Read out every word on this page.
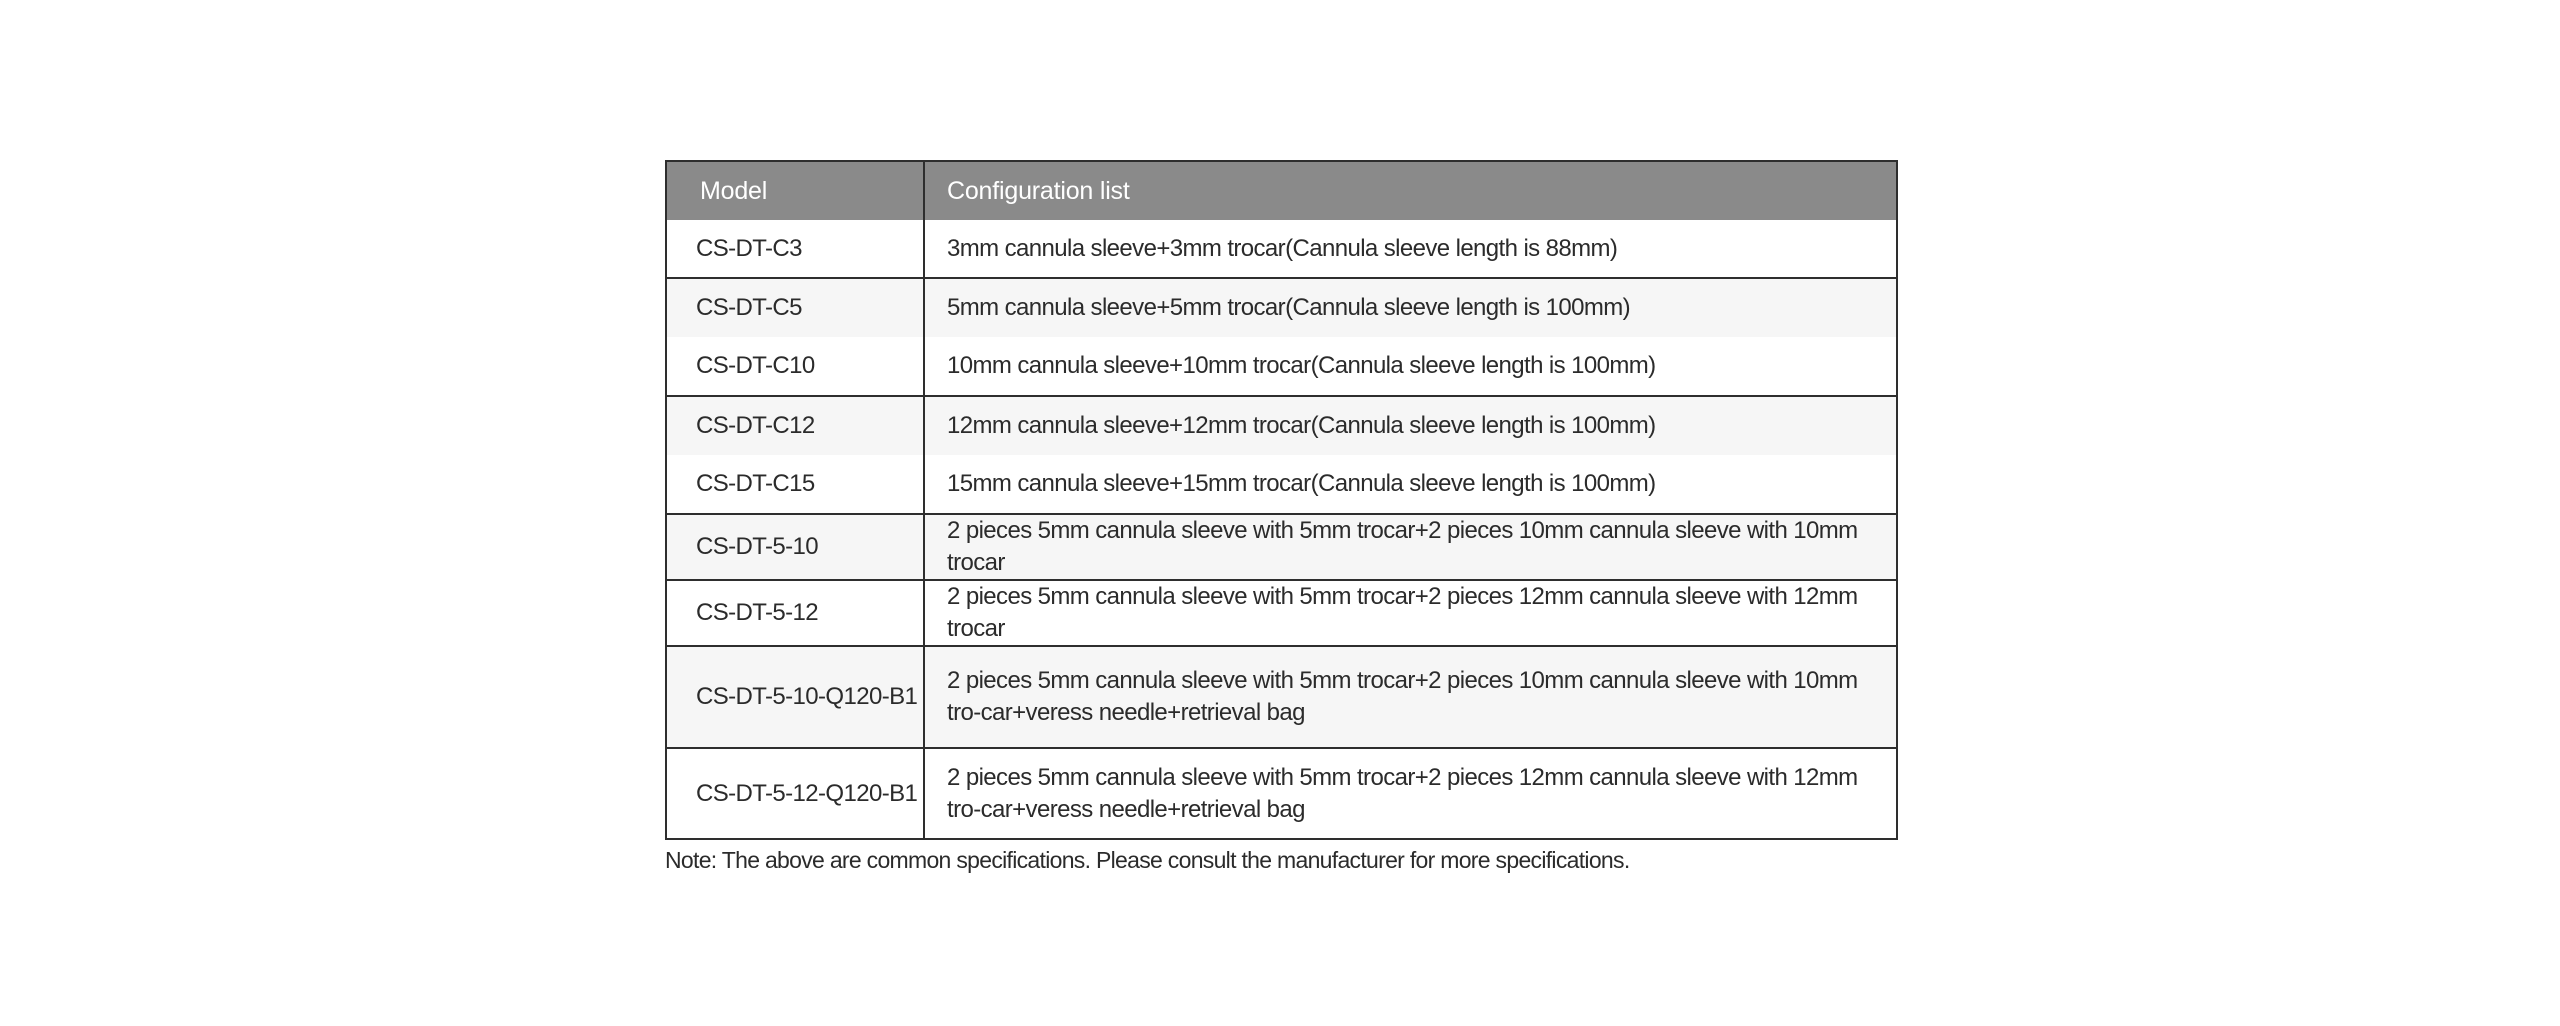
Model	Configuration list
CS-DT-C3	3mm cannula sleeve+3mm trocar(Cannula sleeve length is 88mm)
CS-DT-C5	5mm cannula sleeve+5mm trocar(Cannula sleeve length is 100mm)
CS-DT-C10	10mm cannula sleeve+10mm trocar(Cannula sleeve length is 100mm)
CS-DT-C12	12mm cannula sleeve+12mm trocar(Cannula sleeve length is 100mm)
CS-DT-C15	15mm cannula sleeve+15mm trocar(Cannula sleeve length is 100mm)
CS-DT-5-10	2 pieces 5mm cannula sleeve with 5mm trocar+2 pieces 10mm cannula sleeve with 10mm trocar
CS-DT-5-12	2 pieces 5mm cannula sleeve with 5mm trocar+2 pieces 12mm cannula sleeve with 12mm trocar
CS-DT-5-10-Q120-B1	2 pieces 5mm cannula sleeve with 5mm trocar+2 pieces 10mm cannula sleeve with 10mm tro-car+veress needle+retrieval bag
CS-DT-5-12-Q120-B1	2 pieces 5mm cannula sleeve with 5mm trocar+2 pieces 12mm cannula sleeve with 12mm tro-car+veress needle+retrieval bag

Note: The above are common specifications. Please consult the manufacturer for more specifications.
